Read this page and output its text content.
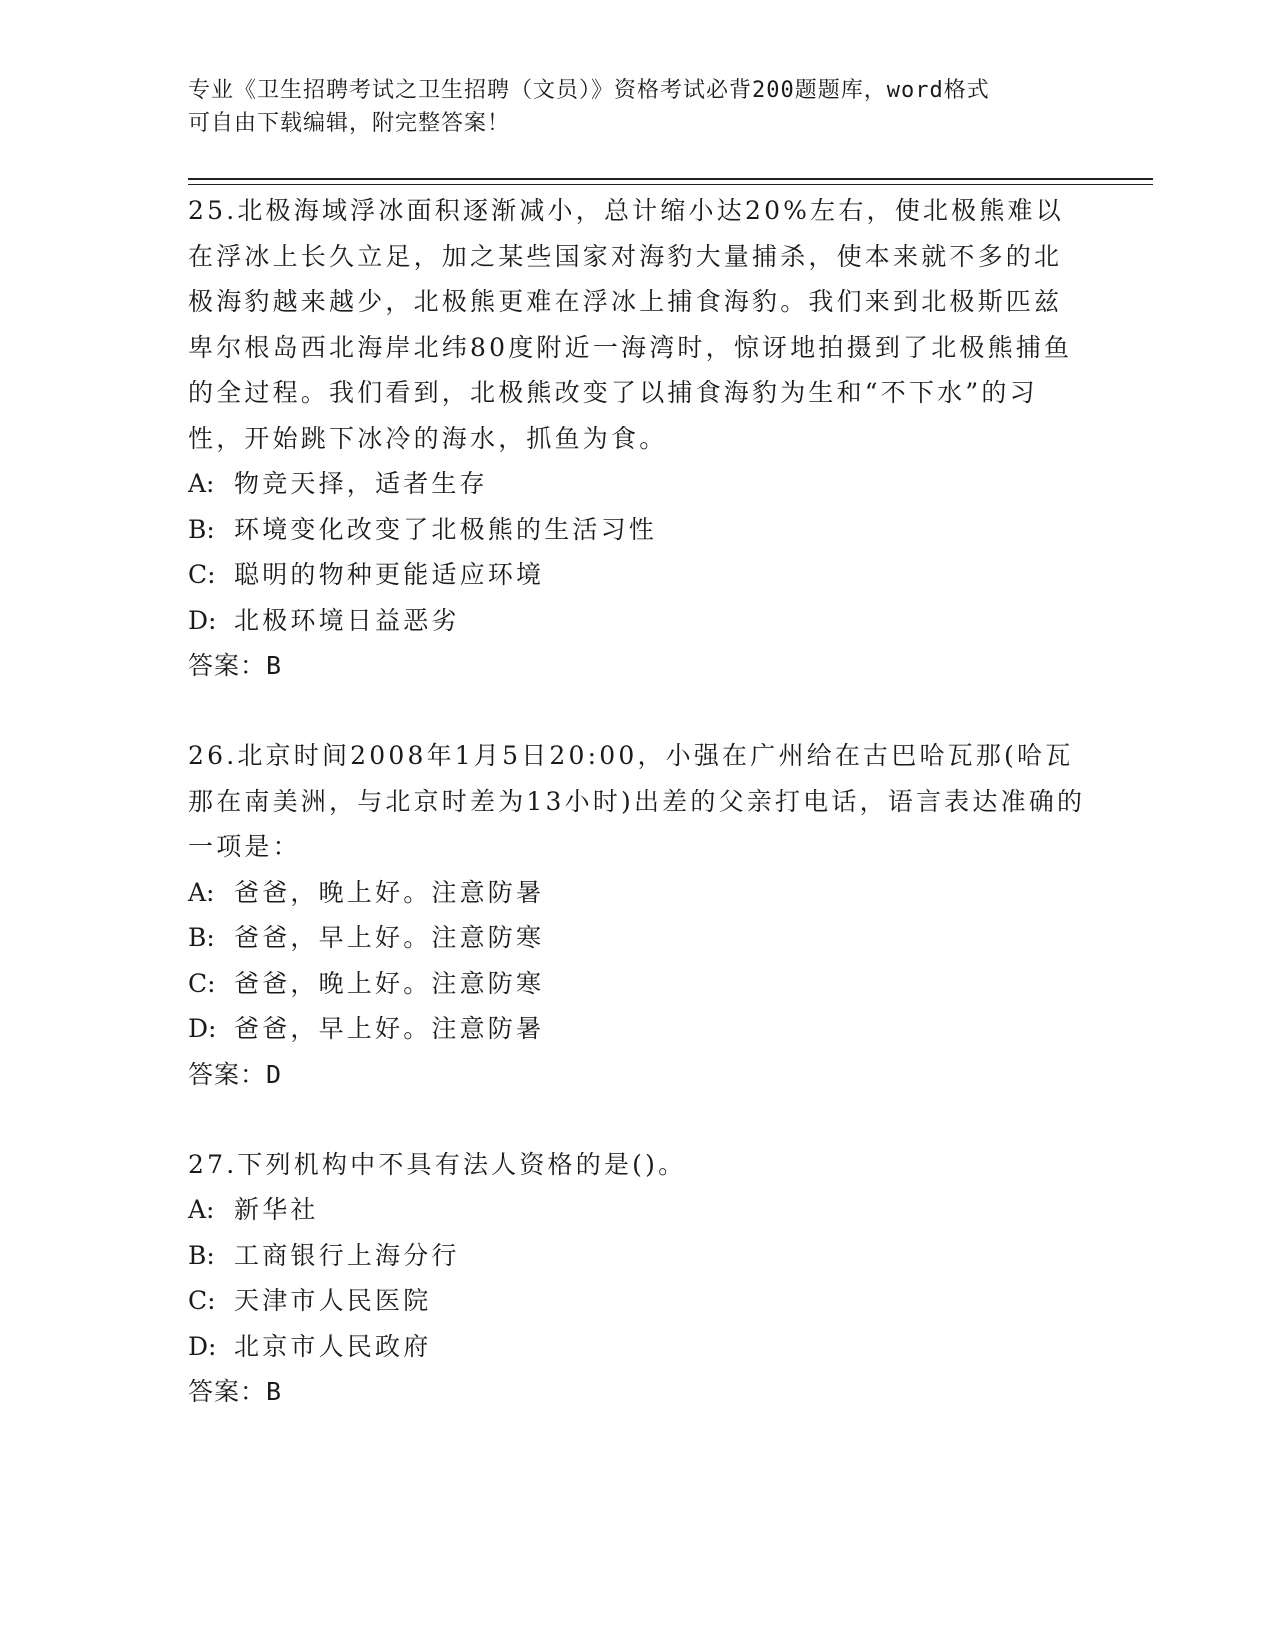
专业《卫生招聘考试之卫生招聘（文员）》资格考试必背200题题库，word格式
可自由下载编辑，附完整答案！

25.北极海域浮冰面积逐渐减小，总计缩小达20%左右，使北极熊难以在浮冰上长久立足，加之某些国家对海豹大量捕杀，使本来就不多的北极海豹越来越少，北极熊更难在浮冰上捕食海豹。我们来到北极斯匹兹卑尔根岛西北海岸北纬80度附近一海湾时，惊讶地拍摄到了北极熊捕鱼的全过程。我们看到，北极熊改变了以捕食海豹为生和“不下水”的习性，开始跳下冰冷的海水，抓鱼为食。

A: 物竞天择，适者生存

B: 环境变化改变了北极熊的生活习性

C: 聪明的物种更能适应环境

D: 北极环境日益恶劣

答案：B

26.北京时间2008年1月5日20:00，小强在广州给在古巴哈瓦那(哈瓦那在南美洲，与北京时差为13小时)出差的父亲打电话，语言表达准确的一项是：

A: 爸爸，晚上好。注意防暑

B: 爸爸，早上好。注意防寒

C: 爸爸，晚上好。注意防寒

D: 爸爸，早上好。注意防暑

答案：D

27.下列机构中不具有法人资格的是()。

A: 新华社

B: 工商银行上海分行

C: 天津市人民医院

D: 北京市人民政府

答案：B
